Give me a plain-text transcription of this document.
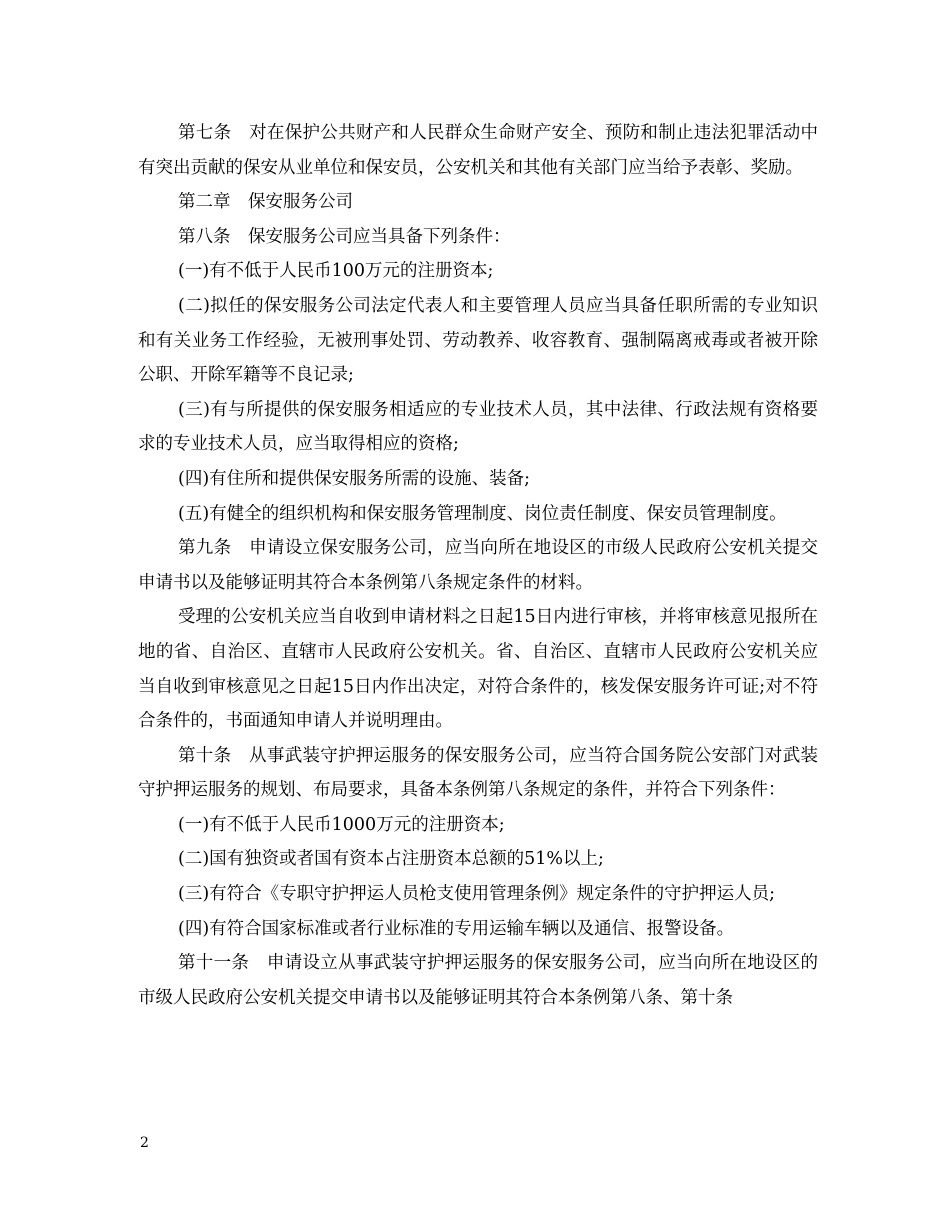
第七条　对在保护公共财产和人民群众生命财产安全、预防和制止违法犯罪活动中有突出贡献的保安从业单位和保安员，公安机关和其他有关部门应当给予表彰、奖励。

第二章　保安服务公司

第八条　保安服务公司应当具备下列条件：

(一)有不低于人民币100万元的注册资本;

(二)拟任的保安服务公司法定代表人和主要管理人员应当具备任职所需的专业知识和有关业务工作经验，无被刑事处罚、劳动教养、收容教育、强制隔离戒毒或者被开除公职、开除军籍等不良记录;

(三)有与所提供的保安服务相适应的专业技术人员，其中法律、行政法规有资格要求的专业技术人员，应当取得相应的资格;

(四)有住所和提供保安服务所需的设施、装备;

(五)有健全的组织机构和保安服务管理制度、岗位责任制度、保安员管理制度。

第九条　申请设立保安服务公司，应当向所在地设区的市级人民政府公安机关提交申请书以及能够证明其符合本条例第八条规定条件的材料。

受理的公安机关应当自收到申请材料之日起15日内进行审核，并将审核意见报所在地的省、自治区、直辖市人民政府公安机关。省、自治区、直辖市人民政府公安机关应当自收到审核意见之日起15日内作出决定，对符合条件的，核发保安服务许可证;对不符合条件的，书面通知申请人并说明理由。

第十条　从事武装守护押运服务的保安服务公司，应当符合国务院公安部门对武装守护押运服务的规划、布局要求，具备本条例第八条规定的条件，并符合下列条件：

(一)有不低于人民币1000万元的注册资本;

(二)国有独资或者国有资本占注册资本总额的51%以上;

(三)有符合《专职守护押运人员枪支使用管理条例》规定条件的守护押运人员;

(四)有符合国家标准或者行业标准的专用运输车辆以及通信、报警设备。

第十一条　申请设立从事武装守护押运服务的保安服务公司，应当向所在地设区的市级人民政府公安机关提交申请书以及能够证明其符合本条例第八条、第十条

2
